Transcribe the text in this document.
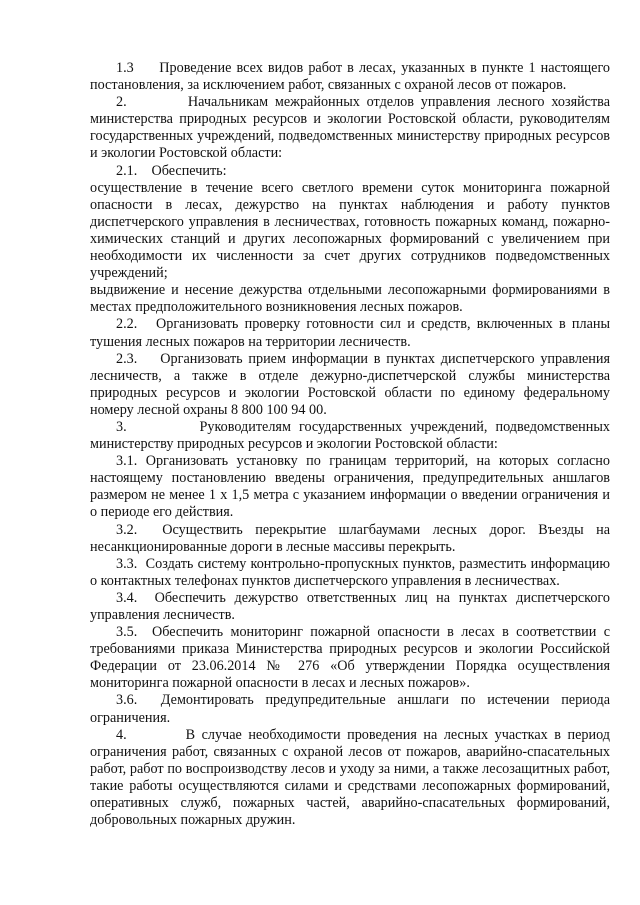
1.3     Проведение всех видов работ в лесах, указанных в пункте 1 настоящего постановления, за исключением работ, связанных с охраной лесов от пожаров.

2.         Начальникам межрайонных отделов управления лесного хозяйства министерства природных ресурсов и экологии Ростовской области, руководителям государственных учреждений, подведомственных министерству природных ресурсов и экологии Ростовской области:

2.1.    Обеспечить:

осуществление в течение всего светлого времени суток мониторинга пожарной опасности в лесах, дежурство на пунктах наблюдения и работу пунктов диспетчерского управления в лесничествах, готовность пожарных команд, пожарно-химических станций и других лесопожарных формирований с увеличением при необходимости их численности за счет других сотрудников подведомственных учреждений;

выдвижение и несение дежурства отдельными лесопожарными формированиями в местах предположительного возникновения лесных пожаров.

2.2.   Организовать проверку готовности сил и средств, включенных в планы тушения лесных пожаров на территории лесничеств.

2.3.    Организовать прием информации в пунктах диспетчерского управления лесничеств, а также в отделе дежурно-диспетчерской службы министерства природных ресурсов и экологии Ростовской области по единому федеральному номеру лесной охраны 8 800 100 94 00.

3.         Руководителям государственных учреждений, подведомственных министерству природных ресурсов и экологии Ростовской области:

3.1. Организовать установку по границам территорий, на которых согласно настоящему постановлению введены ограничения, предупредительных аншлагов размером не менее 1 х 1,5 метра с указанием информации о введении ограничения и о периоде его действия.

3.2.  Осуществить перекрытие шлагбаумами лесных дорог. Въезды на несанкционированные дороги в лесные массивы перекрыть.

3.3.  Создать систему контрольно-пропускных пунктов, разместить информацию о контактных телефонах пунктов диспетчерского управления в лесничествах.

3.4.  Обеспечить дежурство ответственных лиц на пунктах диспетчерского управления лесничеств.

3.5.  Обеспечить мониторинг пожарной опасности в лесах в соответствии с требованиями приказа Министерства природных ресурсов и экологии Российской Федерации от 23.06.2014 № 276 «Об утверждении Порядка осуществления мониторинга пожарной опасности в лесах и лесных пожаров».

3.6.  Демонтировать предупредительные аншлаги по истечении периода ограничения.

4.         В случае необходимости проведения на лесных участках в период ограничения работ, связанных с охраной лесов от пожаров, аварийно-спасательных работ, работ по воспроизводству лесов и уходу за ними, а также лесозащитных работ, такие работы осуществляются силами и средствами лесопожарных формирований, оперативных служб, пожарных частей, аварийно-спасательных формирований, добровольных пожарных дружин.
